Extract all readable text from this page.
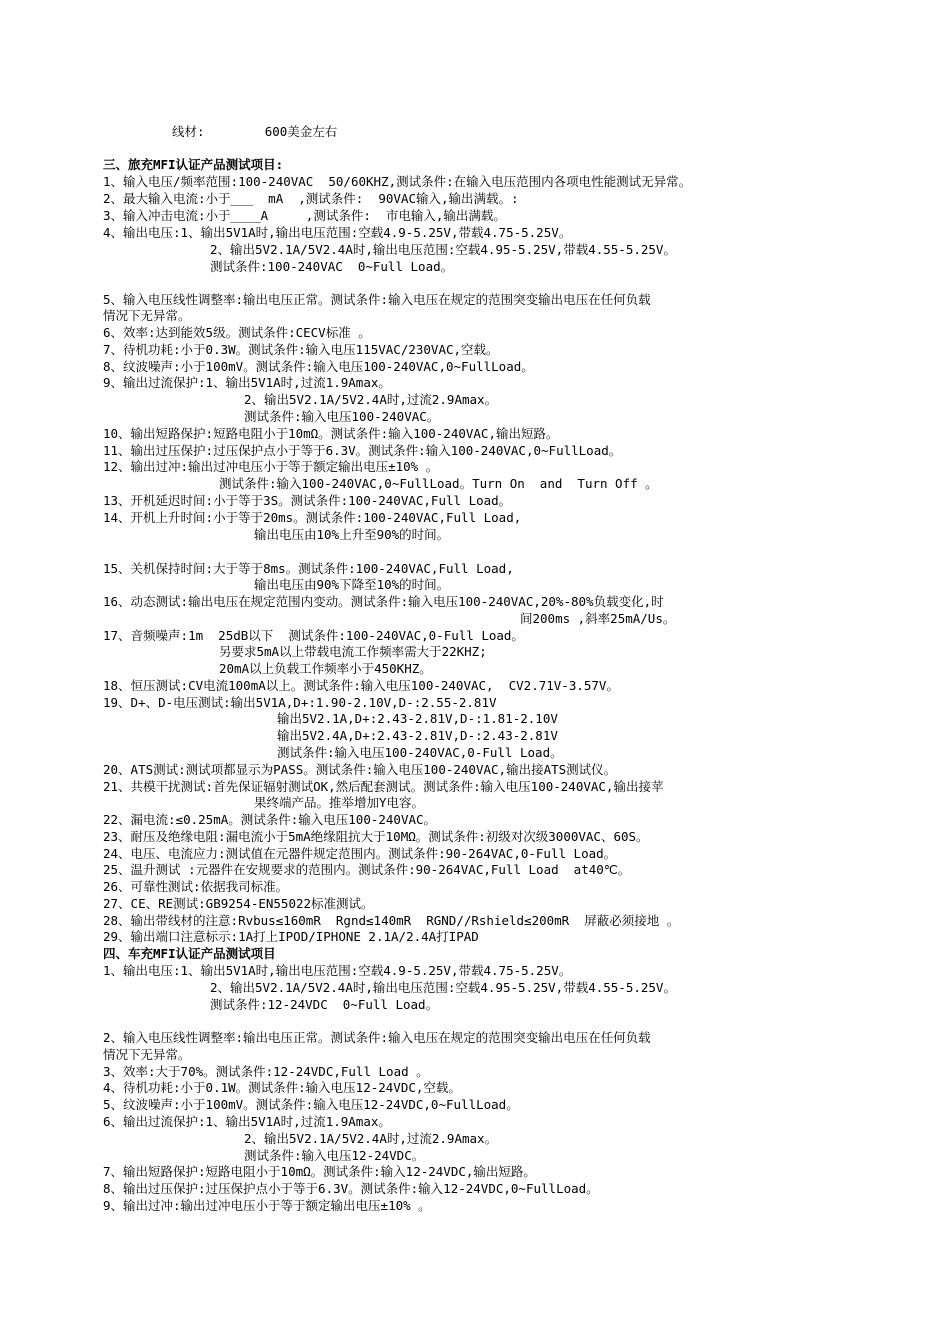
线材:        600美金左右
三、旅充MFI认证产品测试项目:
1、输入电压/频率范围:100-240VAC  50/60KHZ,测试条件:在输入电压范围内各项电性能测试无异常。
2、最大输入电流:小于___  mA  ,测试条件:  90VAC输入,输出满载。:
3、输入冲击电流:小于____A     ,测试条件:  市电输入,输出满载。
4、输出电压:1、输出5V1A时,输出电压范围:空载4.9-5.25V,带载4.75-5.25V。
2、输出5V2.1A/5V2.4A时,输出电压范围:空载4.95-5.25V,带载4.55-5.25V。
测试条件:100-240VAC  0~Full Load。
5、输入电压线性调整率:输出电压正常。测试条件:输入电压在规定的范围突变输出电压在任何负载
情况下无异常。
6、效率:达到能效5级。测试条件:CECV标准 。
7、待机功耗:小于0.3W。测试条件:输入电压115VAC/230VAC,空载。
8、纹波噪声:小于100mV。测试条件:输入电压100-240VAC,0~FullLoad。
9、输出过流保护:1、输出5V1A时,过流1.9Amax。
2、输出5V2.1A/5V2.4A时,过流2.9Amax。
测试条件:输入电压100-240VAC。
10、输出短路保护:短路电阻小于10mΩ。测试条件:输入100-240VAC,输出短路。
11、输出过压保护:过压保护点小于等于6.3V。测试条件:输入100-240VAC,0~FullLoad。
12、输出过冲:输出过冲电压小于等于额定输出电压±10% 。
测试条件:输入100-240VAC,0~FullLoad。Turn On  and  Turn Off 。
13、开机延迟时间:小于等于3S。测试条件:100-240VAC,Full Load。
14、开机上升时间:小于等于20ms。测试条件:100-240VAC,Full Load,
输出电压由10%上升至90%的时间。
15、关机保持时间:大于等于8ms。测试条件:100-240VAC,Full Load,
输出电压由90%下降至10%的时间。
16、动态测试:输出电压在规定范围内变动。测试条件:输入电压100-240VAC,20%-80%负载变化,时
间200ms ,斜率25mA/Us。
17、音频噪声:1m  25dB以下  测试条件:100-240VAC,0-Full Load。
另要求5mA以上带载电流工作频率需大于22KHZ;
20mA以上负载工作频率小于450KHZ。
18、恒压测试:CV电流100mA以上。测试条件:输入电压100-240VAC,  CV2.71V-3.57V。
19、D+、D-电压测试:输出5V1A,D+:1.90-2.10V,D-:2.55-2.81V
输出5V2.1A,D+:2.43-2.81V,D-:1.81-2.10V
输出5V2.4A,D+:2.43-2.81V,D-:2.43-2.81V
测试条件:输入电压100-240VAC,0-Full Load。
20、ATS测试:测试项都显示为PASS。测试条件:输入电压100-240VAC,输出接ATS测试仪。
21、共模干扰测试:首先保证辐射测试OK,然后配套测试。测试条件:输入电压100-240VAC,输出接苹
果终端产品。推举增加Y电容。
22、漏电流:≤0.25mA。测试条件:输入电压100-240VAC。
23、耐压及绝缘电阻:漏电流小于5mA绝缘阻抗大于10MΩ。测试条件:初级对次级3000VAC、60S。
24、电压、电流应力:测试值在元器件规定范围内。测试条件:90-264VAC,0-Full Load。
25、温升测试 :元器件在安规要求的范围内。测试条件:90-264VAC,Full Load  at40℃。
26、可靠性测试:依据我司标准。
27、CE、RE测试:GB9254-EN55022标准测试。
28、输出带线材的注意:Rvbus≤160mR  Rgnd≤140mR  RGND//Rshield≤200mR  屏蔽必须接地 。
29、输出端口注意标示:1A打上IPOD/IPHONE 2.1A/2.4A打IPAD
四、车充MFI认证产品测试项目
1、输出电压:1、输出5V1A时,输出电压范围:空载4.9-5.25V,带载4.75-5.25V。
2、输出5V2.1A/5V2.4A时,输出电压范围:空载4.95-5.25V,带载4.55-5.25V。
测试条件:12-24VDC  0~Full Load。
2、输入电压线性调整率:输出电压正常。测试条件:输入电压在规定的范围突变输出电压在任何负载
情况下无异常。
3、效率:大于70%。测试条件:12-24VDC,Full Load 。
4、待机功耗:小于0.1W。测试条件:输入电压12-24VDC,空载。
5、纹波噪声:小于100mV。测试条件:输入电压12-24VDC,0~FullLoad。
6、输出过流保护:1、输出5V1A时,过流1.9Amax。
2、输出5V2.1A/5V2.4A时,过流2.9Amax。
测试条件:输入电压12-24VDC。
7、输出短路保护:短路电阻小于10mΩ。测试条件:输入12-24VDC,输出短路。
8、输出过压保护:过压保护点小于等于6.3V。测试条件:输入12-24VDC,0~FullLoad。
9、输出过冲:输出过冲电压小于等于额定输出电压±10% 。
